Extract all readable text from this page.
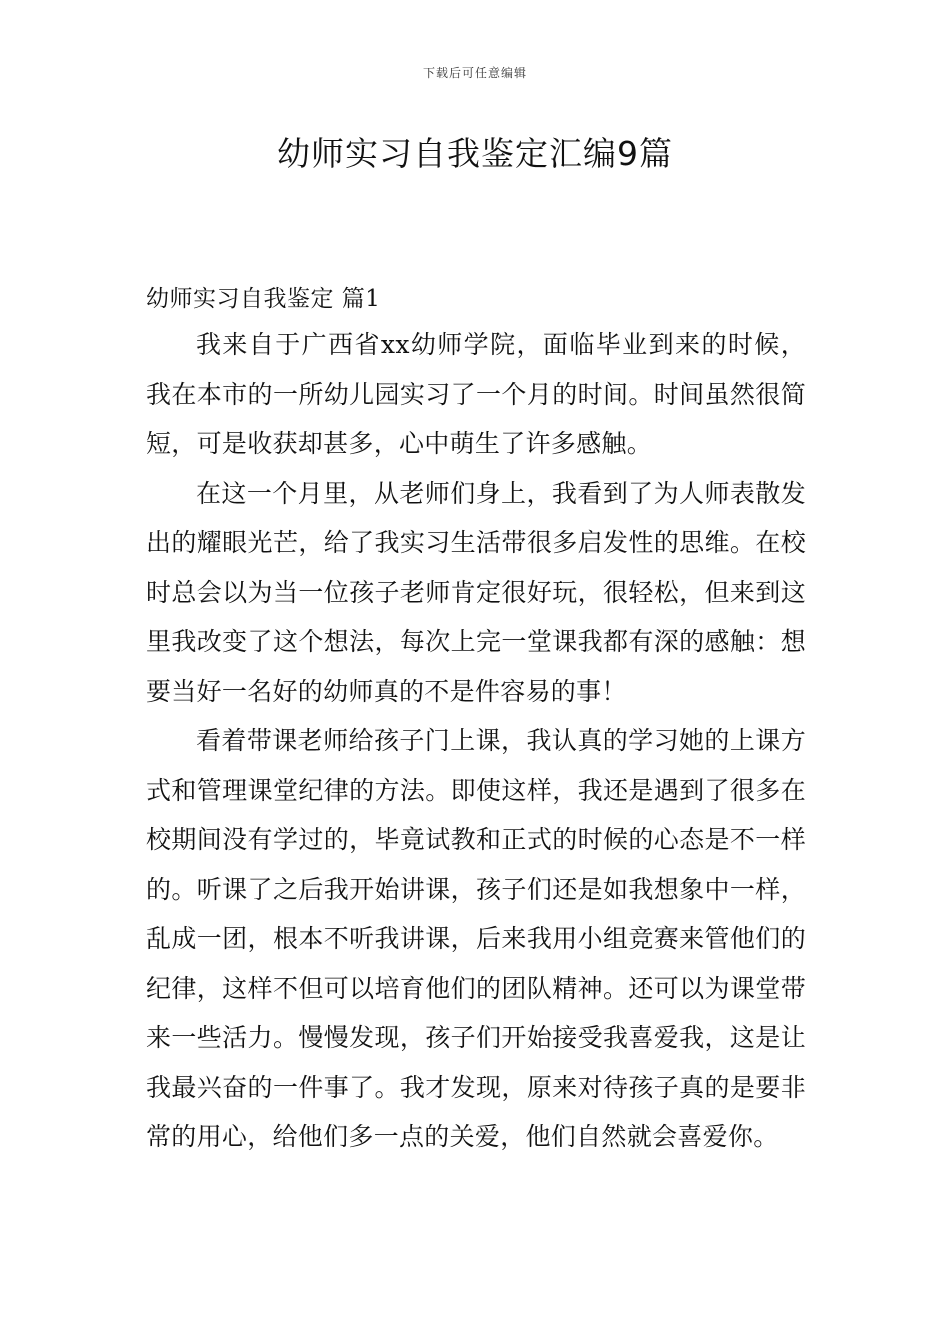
下载后可任意编辑
幼师实习自我鉴定汇编9篇
幼师实习自我鉴定 篇1

我来自于广西省xx幼师学院，面临毕业到来的时候，我在本市的一所幼儿园实习了一个月的时间。时间虽然很简短，可是收获却甚多，心中萌生了许多感触。

在这一个月里，从老师们身上，我看到了为人师表散发出的耀眼光芒，给了我实习生活带很多启发性的思维。在校时总会以为当一位孩子老师肯定很好玩，很轻松，但来到这里我改变了这个想法，每次上完一堂课我都有深的感触：想要当好一名好的幼师真的不是件容易的事！

看着带课老师给孩子门上课，我认真的学习她的上课方式和管理课堂纪律的方法。即使这样，我还是遇到了很多在校期间没有学过的，毕竟试教和正式的时候的心态是不一样的。听课了之后我开始讲课，孩子们还是如我想象中一样，乱成一团，根本不听我讲课，后来我用小组竞赛来管他们的纪律，这样不但可以培育他们的团队精神。还可以为课堂带来一些活力。慢慢发现，孩子们开始接受我喜爱我，这是让我最兴奋的一件事了。我才发现，原来对待孩子真的是要非常的用心，给他们多一点的关爱，他们自然就会喜爱你。
